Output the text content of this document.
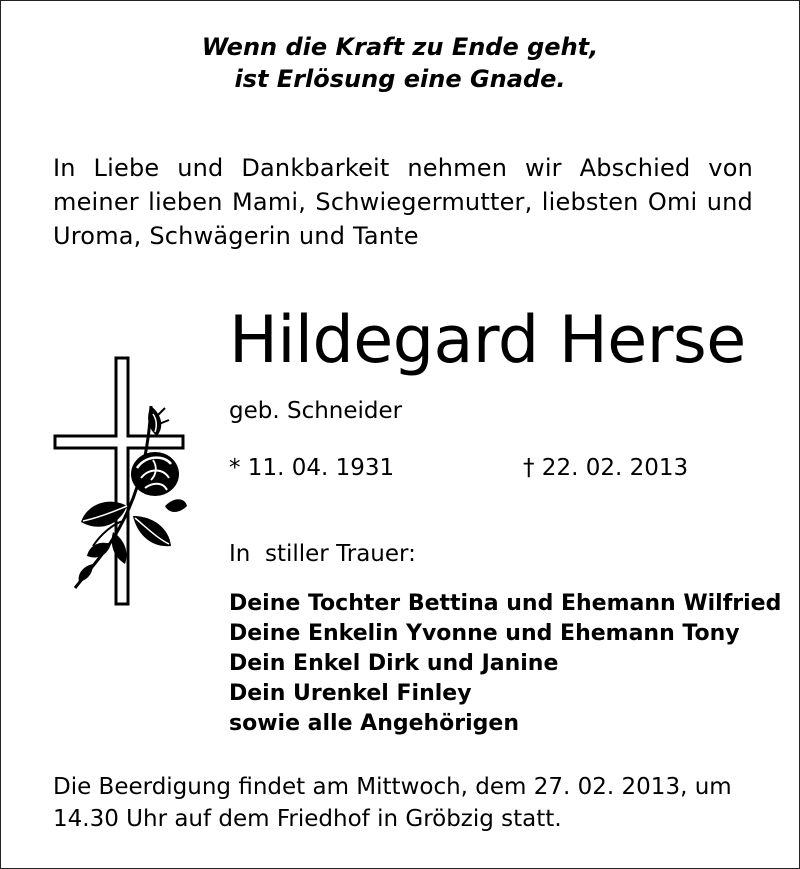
Wenn die Kraft zu Ende geht,
ist Erlösung eine Gnade.
In Liebe und Dankbarkeit nehmen wir Abschied von
meiner lieben Mami, Schwiegermutter, liebsten Omi und
Uroma, Schwägerin und Tante
Hildegard Herse
geb. Schneider
* 11. 04. 1931	† 22. 02. 2013
In  stiller Trauer:
Deine Tochter Bettina und Ehemann Wilfried
Deine Enkelin Yvonne und Ehemann Tony
Dein Enkel Dirk und Janine
Dein Urenkel Finley
sowie alle Angehörigen
Die Beerdigung findet am Mittwoch, dem 27. 02. 2013, um
14.30 Uhr auf dem Friedhof in Gröbzig statt.
